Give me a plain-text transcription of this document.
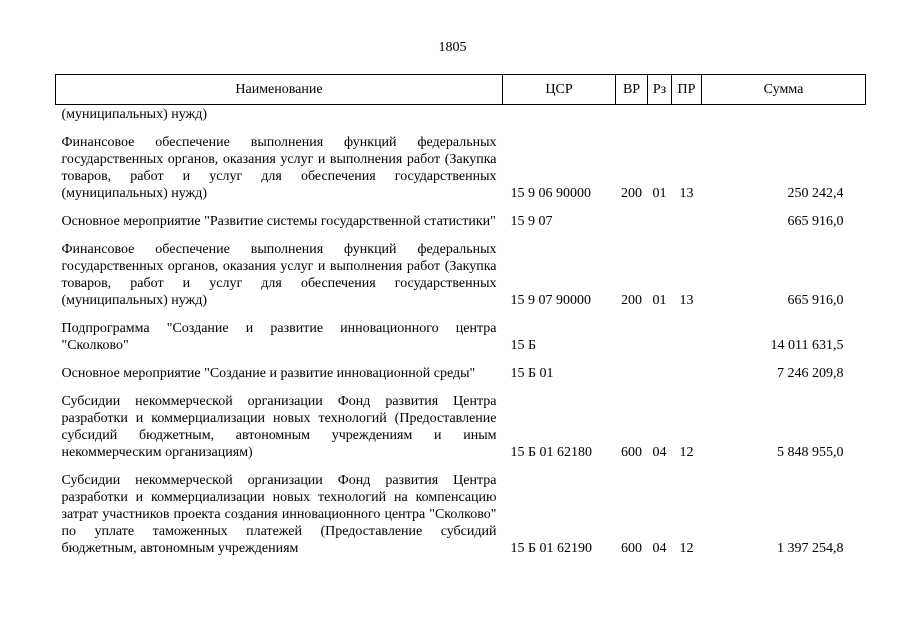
1805
Наименование	ЦСР	ВР	Рз	ПР	Сумма
(муниципальных) нужд)					
Финансовое обеспечение выполнения функций федеральных государственных органов, оказания услуг и выполнения работ (Закупка товаров, работ и услуг для обеспечения государственных (муниципальных) нужд)	15 9 06 90000	200	01	13	250 242,4
Основное мероприятие "Развитие системы государственной статистики"	15 9 07				665 916,0
Финансовое обеспечение выполнения функций федеральных государственных органов, оказания услуг и выполнения работ (Закупка товаров, работ и услуг для обеспечения государственных (муниципальных) нужд)	15 9 07 90000	200	01	13	665 916,0
Подпрограмма "Создание и развитие инновационного центра "Сколково"	15 Б				14 011 631,5
Основное мероприятие "Создание и развитие инновационной среды"	15 Б 01				7 246 209,8
Субсидии некоммерческой организации Фонд развития Центра разработки и коммерциализации новых технологий (Предоставление субсидий бюджетным, автономным учреждениям и иным некоммерческим организациям)	15 Б 01 62180	600	04	12	5 848 955,0
Субсидии некоммерческой организации Фонд развития Центра разработки и коммерциализации новых технологий на компенсацию затрат участников проекта создания инновационного центра "Сколково" по уплате таможенных платежей (Предоставление субсидий бюджетным, автономным учреждениям	15 Б 01 62190	600	04	12	1 397 254,8
